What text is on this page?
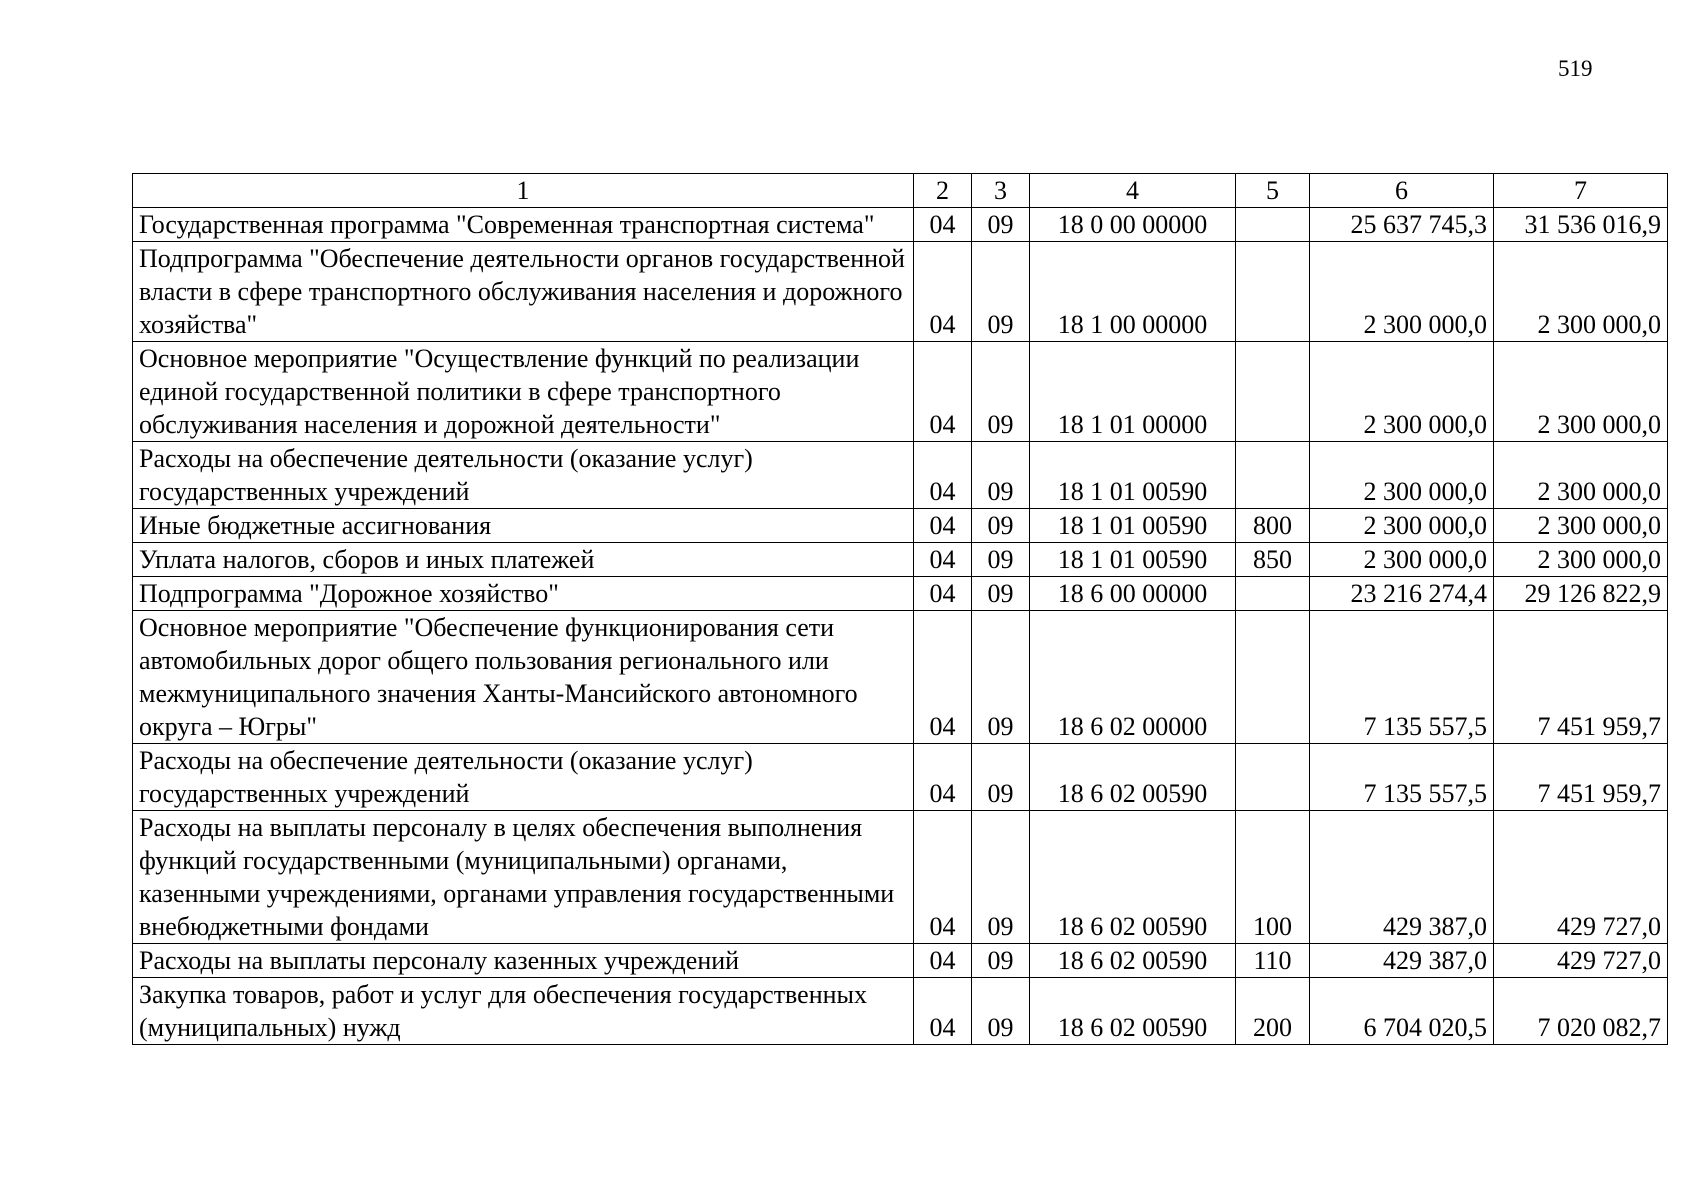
519
1	2	3	4	5	6	7
Государственная программа "Современная транспортная система"	04	09	18 0 00 00000		25 637 745,3	31 536 016,9
Подпрограмма "Обеспечение деятельности органов государственной власти в сфере транспортного обслуживания населения и дорожного хозяйства"	04	09	18 1 00 00000		2 300 000,0	2 300 000,0
Основное мероприятие "Осуществление функций по реализации единой государственной политики в сфере транспортного обслуживания населения и дорожной деятельности"	04	09	18 1 01 00000		2 300 000,0	2 300 000,0
Расходы на обеспечение деятельности (оказание услуг) государственных учреждений	04	09	18 1 01 00590		2 300 000,0	2 300 000,0
Иные бюджетные ассигнования	04	09	18 1 01 00590	800	2 300 000,0	2 300 000,0
Уплата налогов, сборов и иных платежей	04	09	18 1 01 00590	850	2 300 000,0	2 300 000,0
Подпрограмма "Дорожное хозяйство"	04	09	18 6 00 00000		23 216 274,4	29 126 822,9
Основное мероприятие "Обеспечение функционирования сети автомобильных дорог общего пользования регионального или межмуниципального значения Ханты-Мансийского автономного округа – Югры"	04	09	18 6 02 00000		7 135 557,5	7 451 959,7
Расходы на обеспечение деятельности (оказание услуг) государственных учреждений	04	09	18 6 02 00590		7 135 557,5	7 451 959,7
Расходы на выплаты персоналу в целях обеспечения выполнения функций государственными (муниципальными) органами, казенными учреждениями, органами управления государственными внебюджетными фондами	04	09	18 6 02 00590	100	429 387,0	429 727,0
Расходы на выплаты персоналу казенных учреждений	04	09	18 6 02 00590	110	429 387,0	429 727,0
Закупка товаров, работ и услуг для обеспечения государственных (муниципальных) нужд	04	09	18 6 02 00590	200	6 704 020,5	7 020 082,7
